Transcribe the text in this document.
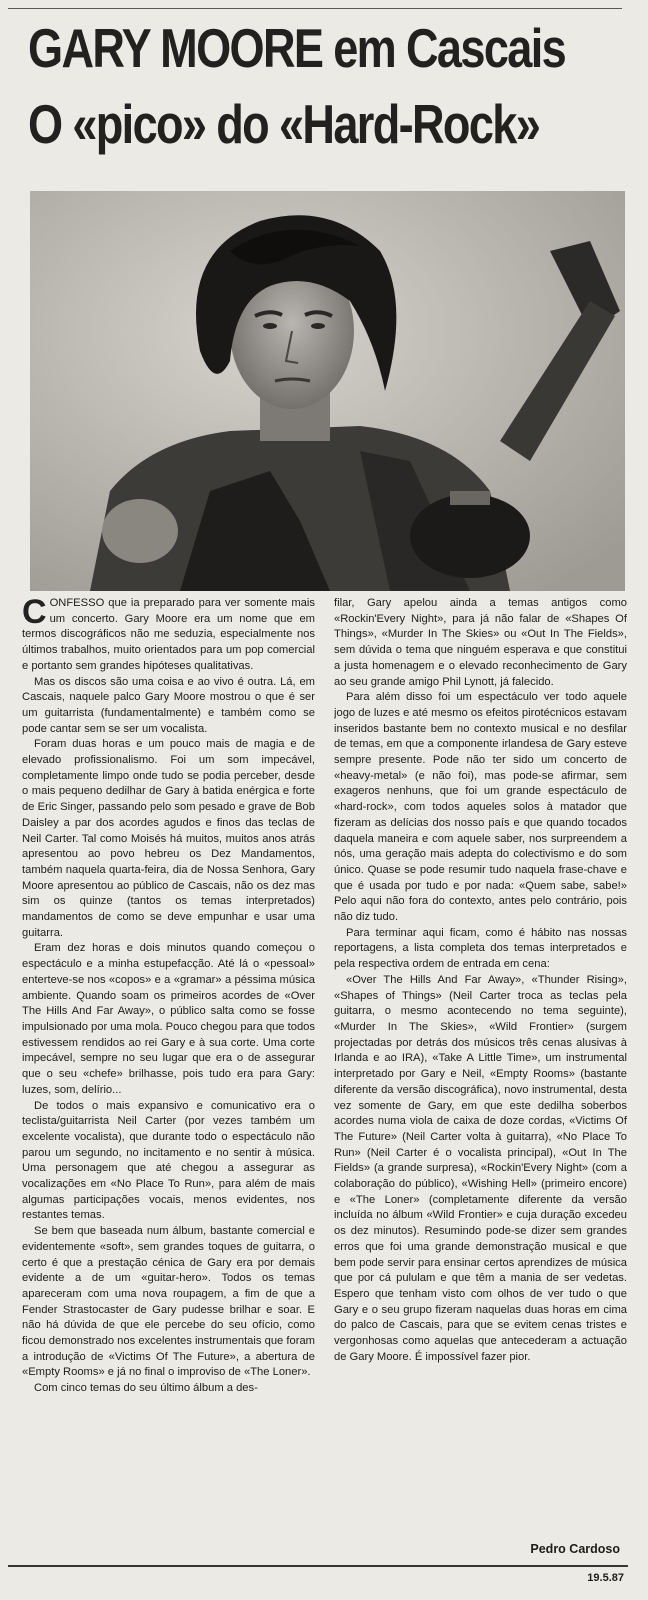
GARY MOORE em Cascais
O «pico» do «Hard-Rock»

CONFESSO que ia preparado para ver somente mais um concerto. Gary Moore era um nome que em termos discográficos não me seduzia, especialmente nos últimos trabalhos, muito orientados para um pop comercial e portanto sem grandes hipóteses qualitativas.

Mas os discos são uma coisa e ao vivo é outra. Lá, em Cascais, naquele palco Gary Moore mostrou o que é ser um guitarrista (fundamentalmente) e também como se pode cantar sem se ser um vocalista.

Foram duas horas e um pouco mais de magia e de elevado profissionalismo. Foi um som impecável, completamente limpo onde tudo se podia perceber, desde o mais pequeno dedilhar de Gary à batida enérgica e forte de Eric Singer, passando pelo som pesado e grave de Bob Daisley a par dos acordes agudos e finos das teclas de Neil Carter. Tal como Moisés há muitos, muitos anos atrás apresentou ao povo hebreu os Dez Mandamentos, também naquela quarta-feira, dia de Nossa Senhora, Gary Moore apresentou ao público de Cascais, não os dez mas sim os quinze (tantos os temas interpretados) mandamentos de como se deve empunhar e usar uma guitarra.

Eram dez horas e dois minutos quando começou o espectáculo e a minha estupefacção. Até lá o «pessoal» enterteve-se nos «copos» e a «gramar» a péssima música ambiente. Quando soam os primeiros acordes de «Over The Hills And Far Away», o público salta como se fosse impulsionado por uma mola. Pouco chegou para que todos estivessem rendidos ao rei Gary e à sua corte. Uma corte impecável, sempre no seu lugar que era o de assegurar que o seu «chefe» brilhasse, pois tudo era para Gary: luzes, som, delírio...

De todos o mais expansivo e comunicativo era o teclista/guitarrista Neil Carter (por vezes também um excelente vocalista), que durante todo o espectáculo não parou um segundo, no incitamento e no sentir à música. Uma personagem que até chegou a assegurar as vocalizações em «No Place To Run», para além de mais algumas participações vocais, menos evidentes, nos restantes temas.

Se bem que baseada num álbum, bastante comercial e evidentemente «soft», sem grandes toques de guitarra, o certo é que a prestação cénica de Gary era por demais evidente a de um «guitar-hero». Todos os temas apareceram com uma nova roupagem, a fim de que a Fender Strastocaster de Gary pudesse brilhar e soar. E não há dúvida de que ele percebe do seu ofício, como ficou demonstrado nos excelentes instrumentais que foram a introdução de «Victims Of The Future», a abertura de «Empty Rooms» e já no final o improviso de «The Loner».

Com cinco temas do seu último álbum a des-

filar, Gary apelou ainda a temas antigos como «Rockin'Every Night», para já não falar de «Shapes Of Things», «Murder In The Skies» ou «Out In The Fields», sem dúvida o tema que ninguém esperava e que constitui a justa homenagem e o elevado reconhecimento de Gary ao seu grande amigo Phil Lynott, já falecido.

Para além disso foi um espectáculo ver todo aquele jogo de luzes e até mesmo os efeitos pirotécnicos estavam inseridos bastante bem no contexto musical e no desfilar de temas, em que a componente irlandesa de Gary esteve sempre presente. Pode não ter sido um concerto de «heavy-metal» (e não foi), mas pode-se afirmar, sem exageros nenhuns, que foi um grande espectáculo de «hard-rock», com todos aqueles solos à matador que fizeram as delícias dos nosso país e que quando tocados daquela maneira e com aquele saber, nos surpreendem a nós, uma geração mais adepta do colectivismo e do som único. Quase se pode resumir tudo naquela frase-chave e que é usada por tudo e por nada: «Quem sabe, sabe!» Pelo aqui não fora do contexto, antes pelo contrário, pois não diz tudo.

Para terminar aqui ficam, como é hábito nas nossas reportagens, a lista completa dos temas interpretados e pela respectiva ordem de entrada em cena:

«Over The Hills And Far Away», «Thunder Rising», «Shapes of Things» (Neil Carter troca as teclas pela guitarra, o mesmo acontecendo no tema seguinte), «Murder In The Skies», «Wild Frontier» (surgem projectadas por detrás dos músicos três cenas alusivas à Irlanda e ao IRA), «Take A Little Time», um instrumental interpretado por Gary e Neil, «Empty Rooms» (bastante diferente da versão discográfica), novo instrumental, desta vez somente de Gary, em que este dedilha soberbos acordes numa viola de caixa de doze cordas, «Victims Of The Future» (Neil Carter volta à guitarra), «No Place To Run» (Neil Carter é o vocalista principal), «Out In The Fields» (a grande surpresa), «Rockin'Every Night» (com a colaboração do público), «Wishing Hell» (primeiro encore) e «The Loner» (completamente diferente da versão incluída no álbum «Wild Frontier» e cuja duração excedeu os dez minutos). Resumindo pode-se dizer sem grandes erros que foi uma grande demonstração musical e que bem pode servir para ensinar certos aprendizes de música que por cá pululam e que têm a mania de ser vedetas. Espero que tenham visto com olhos de ver tudo o que Gary e o seu grupo fizeram naquelas duas horas em cima do palco de Cascais, para que se evitem cenas tristes e vergonhosas como aquelas que antecederam a actuação de Gary Moore. É impossível fazer pior.

Pedro Cardoso
19.5.87
